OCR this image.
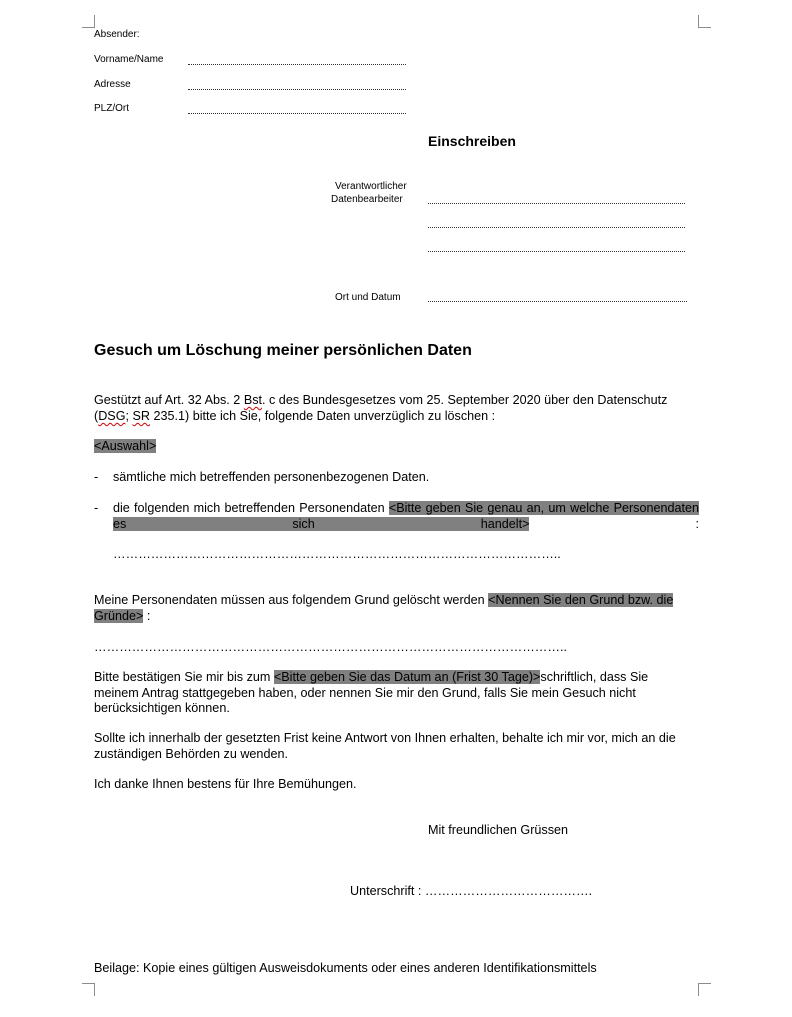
Absender:
Vorname/Name
Adresse
PLZ/Ort
Einschreiben
Verantwortlicher
Datenbearbeiter
Ort und Datum
Gesuch um Löschung meiner persönlichen Daten
Gestützt auf Art. 32 Abs. 2 Bst. c des Bundesgesetzes vom 25. September 2020 über den Datenschutz
(DSG; SR 235.1) bitte ich Sie, folgende Daten unverzüglich zu löschen :
<Auswahl>
- sämtliche mich betreffenden personenbezogenen Daten.
- die folgenden mich betreffenden Personendaten <Bitte geben Sie genau an, um welche Personendaten es sich handelt> :
……………………………………………………………………………………………..
Meine Personendaten müssen aus folgendem Grund gelöscht werden <Nennen Sie den Grund bzw. die Gründe> :
…………………………………………………………………………………………………..
Bitte bestätigen Sie mir bis zum <Bitte geben Sie das Datum an (Frist 30 Tage)>schriftlich, dass Sie meinem Antrag stattgegeben haben, oder nennen Sie mir den Grund, falls Sie mein Gesuch nicht berücksichtigen können.
Sollte ich innerhalb der gesetzten Frist keine Antwort von Ihnen erhalten, behalte ich mir vor, mich an die zuständigen Behörden zu wenden.
Ich danke Ihnen bestens für Ihre Bemühungen.
Mit freundlichen Grüssen
Unterschrift : ………………………………….
Beilage: Kopie eines gültigen Ausweisdokuments oder eines anderen Identifikationsmittels
